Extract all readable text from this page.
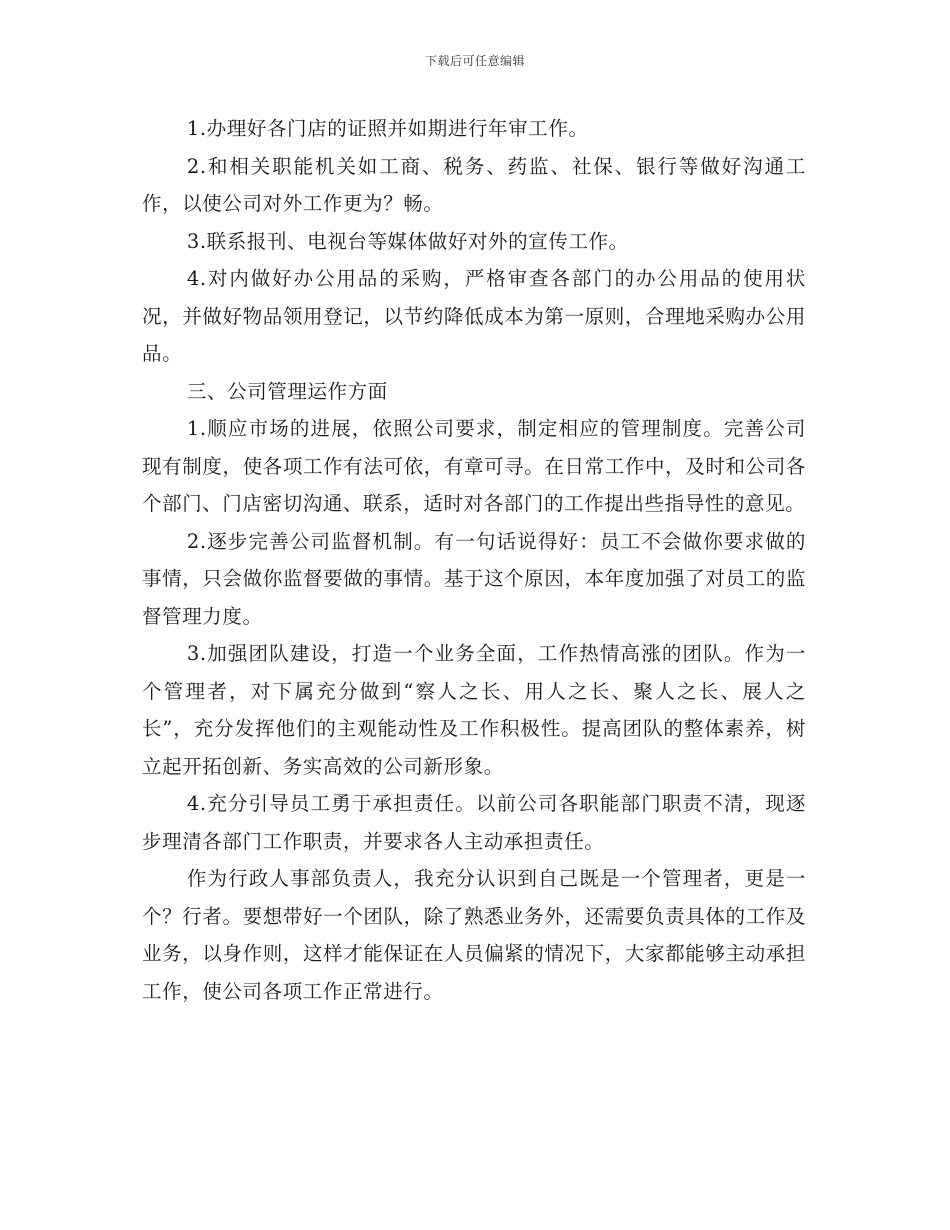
下载后可任意编辑

1.办理好各门店的证照并如期进行年审工作。

2.和相关职能机关如工商、税务、药监、社保、银行等做好沟通工作，以使公司对外工作更为？畅。

3.联系报刊、电视台等媒体做好对外的宣传工作。

4.对内做好办公用品的采购，严格审查各部门的办公用品的使用状况，并做好物品领用登记，以节约降低成本为第一原则，合理地采购办公用品。

三、公司管理运作方面

1.顺应市场的进展，依照公司要求，制定相应的管理制度。完善公司现有制度，使各项工作有法可依，有章可寻。在日常工作中，及时和公司各个部门、门店密切沟通、联系，适时对各部门的工作提出些指导性的意见。

2.逐步完善公司监督机制。有一句话说得好：员工不会做你要求做的事情，只会做你监督要做的事情。基于这个原因，本年度加强了对员工的监督管理力度。

3.加强团队建设，打造一个业务全面，工作热情高涨的团队。作为一个管理者，对下属充分做到“察人之长、用人之长、聚人之长、展人之长”，充分发挥他们的主观能动性及工作积极性。提高团队的整体素养，树立起开拓创新、务实高效的公司新形象。

4.充分引导员工勇于承担责任。以前公司各职能部门职责不清，现逐步理清各部门工作职责，并要求各人主动承担责任。

作为行政人事部负责人，我充分认识到自己既是一个管理者，更是一个？行者。要想带好一个团队，除了熟悉业务外，还需要负责具体的工作及业务，以身作则，这样才能保证在人员偏紧的情况下，大家都能够主动承担工作，使公司各项工作正常进行。
